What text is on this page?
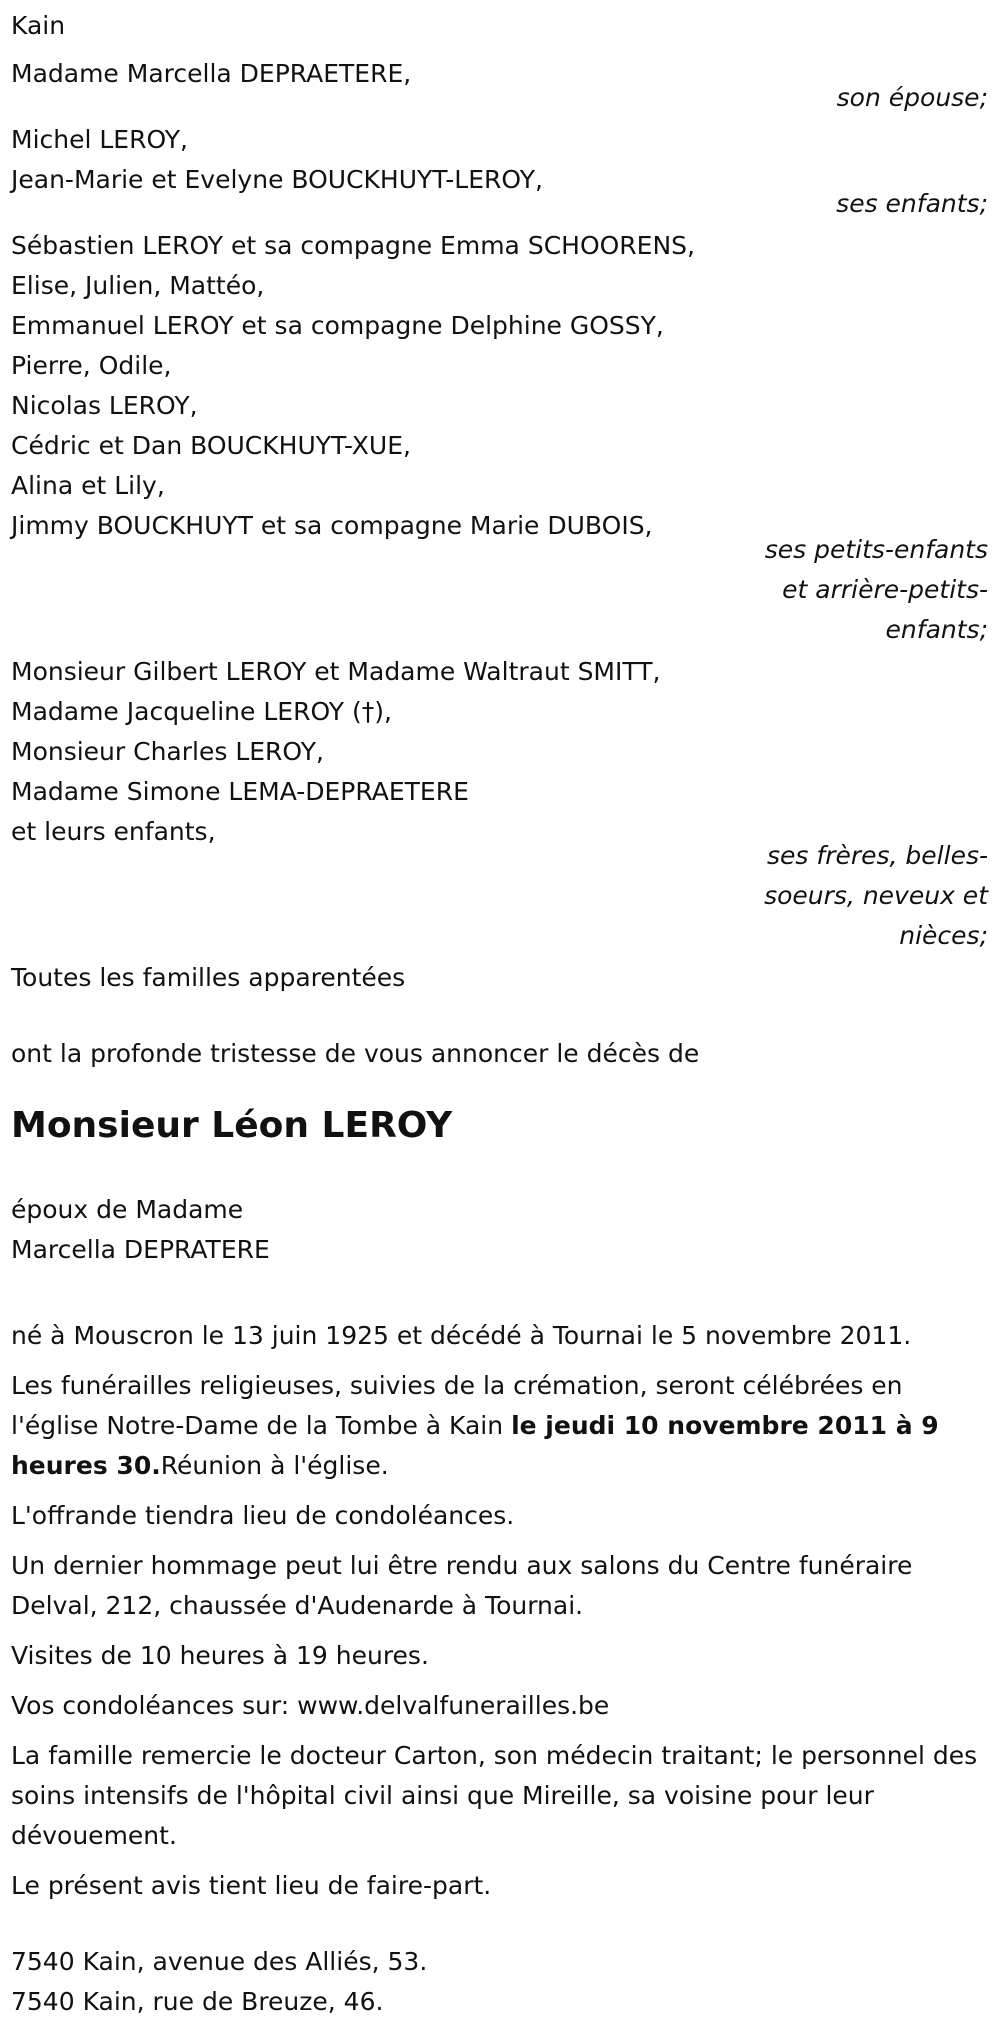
Kain
Madame Marcella DEPRAETERE,
son épouse;
Michel LEROY,
Jean-Marie et Evelyne BOUCKHUYT-LEROY,
ses enfants;
Sébastien LEROY et sa compagne Emma SCHOORENS,
Elise, Julien, Mattéo,
Emmanuel LEROY et sa compagne Delphine GOSSY,
Pierre, Odile,
Nicolas LEROY,
Cédric et Dan BOUCKHUYT-XUE,
Alina et Lily,
Jimmy BOUCKHUYT et sa compagne Marie DUBOIS,
ses petits-enfants
et arrière-petits-
enfants;
Monsieur Gilbert LEROY et Madame Waltraut SMITT,
Madame Jacqueline LEROY (†),
Monsieur Charles LEROY,
Madame Simone LEMA-DEPRAETERE
et leurs enfants,
ses frères, belles-
soeurs, neveux et
nièces;
Toutes les familles apparentées
ont la profonde tristesse de vous annoncer le décès de
Monsieur Léon LEROY
époux de Madame
Marcella DEPRATERE
né à Mouscron le 13 juin 1925 et décédé à Tournai le 5 novembre 2011.
Les funérailles religieuses, suivies de la crémation, seront célébrées en l'église Notre-Dame de la Tombe à Kain le jeudi 10 novembre 2011 à 9 heures 30.Réunion à l'église.
L'offrande tiendra lieu de condoléances.
Un dernier hommage peut lui être rendu aux salons du Centre funéraire Delval, 212, chaussée d'Audenarde à Tournai.
Visites de 10 heures à 19 heures.
Vos condoléances sur: www.delvalfunerailles.be
La famille remercie le docteur Carton, son médecin traitant; le personnel des soins intensifs de l'hôpital civil ainsi que Mireille, sa voisine pour leur dévouement.
Le présent avis tient lieu de faire-part.
7540 Kain, avenue des Alliés, 53.
7540 Kain, rue de Breuze, 46.
